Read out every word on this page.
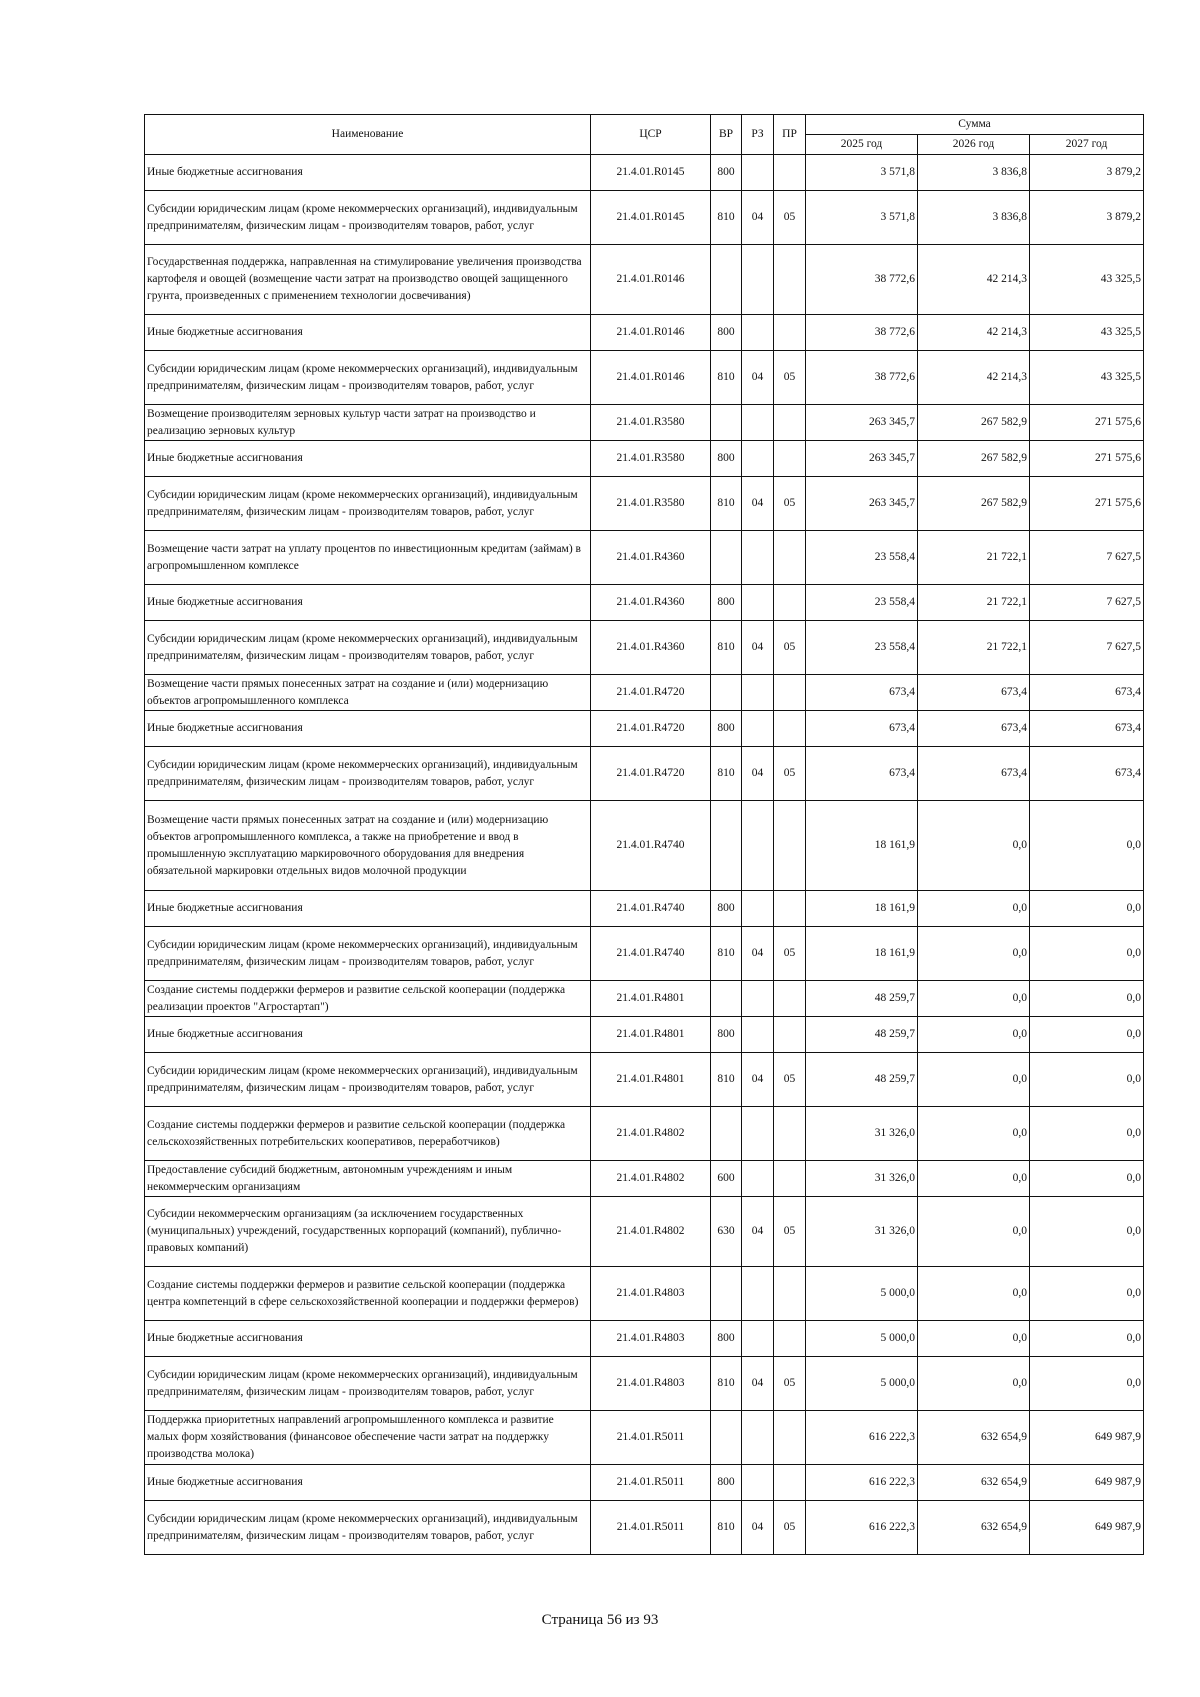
Наименование	ЦСР	ВР	РЗ	ПР	Сумма		
					2025 год	2026 год	2027 год
Иные бюджетные ассигнования	21.4.01.R0145	800			3 571,8	3 836,8	3 879,2
Субсидии юридическим лицам (кроме некоммерческих организаций), индивидуальным предпринимателям, физическим лицам - производителям товаров, работ, услуг	21.4.01.R0145	810	04	05	3 571,8	3 836,8	3 879,2
Государственная поддержка, направленная на стимулирование увеличения производства картофеля и овощей (возмещение части затрат на производство овощей защищенного грунта, произведенных с применением технологии досвечивания)	21.4.01.R0146				38 772,6	42 214,3	43 325,5
Иные бюджетные ассигнования	21.4.01.R0146	800			38 772,6	42 214,3	43 325,5
Субсидии юридическим лицам (кроме некоммерческих организаций), индивидуальным предпринимателям, физическим лицам - производителям товаров, работ, услуг	21.4.01.R0146	810	04	05	38 772,6	42 214,3	43 325,5
Возмещение производителям зерновых культур части затрат на производство и реализацию зерновых культур	21.4.01.R3580				263 345,7	267 582,9	271 575,6
Иные бюджетные ассигнования	21.4.01.R3580	800			263 345,7	267 582,9	271 575,6
Субсидии юридическим лицам (кроме некоммерческих организаций), индивидуальным предпринимателям, физическим лицам - производителям товаров, работ, услуг	21.4.01.R3580	810	04	05	263 345,7	267 582,9	271 575,6
Возмещение части затрат на уплату процентов по инвестиционным кредитам (займам) в агропромышленном комплексе	21.4.01.R4360				23 558,4	21 722,1	7 627,5
Иные бюджетные ассигнования	21.4.01.R4360	800			23 558,4	21 722,1	7 627,5
Субсидии юридическим лицам (кроме некоммерческих организаций), индивидуальным предпринимателям, физическим лицам - производителям товаров, работ, услуг	21.4.01.R4360	810	04	05	23 558,4	21 722,1	7 627,5
Возмещение части прямых понесенных затрат на создание и (или) модернизацию объектов агропромышленного комплекса	21.4.01.R4720				673,4	673,4	673,4
Иные бюджетные ассигнования	21.4.01.R4720	800			673,4	673,4	673,4
Субсидии юридическим лицам (кроме некоммерческих организаций), индивидуальным предпринимателям, физическим лицам - производителям товаров, работ, услуг	21.4.01.R4720	810	04	05	673,4	673,4	673,4
Возмещение части прямых понесенных затрат на создание и (или) модернизацию объектов агропромышленного комплекса, а также на приобретение и ввод в промышленную эксплуатацию маркировочного оборудования для внедрения обязательной маркировки отдельных видов молочной продукции	21.4.01.R4740				18 161,9	0,0	0,0
Иные бюджетные ассигнования	21.4.01.R4740	800			18 161,9	0,0	0,0
Субсидии юридическим лицам (кроме некоммерческих организаций), индивидуальным предпринимателям, физическим лицам - производителям товаров, работ, услуг	21.4.01.R4740	810	04	05	18 161,9	0,0	0,0
Создание системы поддержки фермеров и развитие сельской кооперации (поддержка реализации проектов "Агростартап")	21.4.01.R4801				48 259,7	0,0	0,0
Иные бюджетные ассигнования	21.4.01.R4801	800			48 259,7	0,0	0,0
Субсидии юридическим лицам (кроме некоммерческих организаций), индивидуальным предпринимателям, физическим лицам - производителям товаров, работ, услуг	21.4.01.R4801	810	04	05	48 259,7	0,0	0,0
Создание системы поддержки фермеров и развитие сельской кооперации (поддержка сельскохозяйственных потребительских кооперативов, переработчиков)	21.4.01.R4802				31 326,0	0,0	0,0
Предоставление субсидий бюджетным, автономным учреждениям и иным некоммерческим организациям	21.4.01.R4802	600			31 326,0	0,0	0,0
Субсидии некоммерческим организациям (за исключением государственных (муниципальных) учреждений, государственных корпораций (компаний), публично-правовых компаний)	21.4.01.R4802	630	04	05	31 326,0	0,0	0,0
Создание системы поддержки фермеров и развитие сельской кооперации (поддержка центра компетенций в сфере сельскохозяйственной кооперации и поддержки фермеров)	21.4.01.R4803				5 000,0	0,0	0,0
Иные бюджетные ассигнования	21.4.01.R4803	800			5 000,0	0,0	0,0
Субсидии юридическим лицам (кроме некоммерческих организаций), индивидуальным предпринимателям, физическим лицам - производителям товаров, работ, услуг	21.4.01.R4803	810	04	05	5 000,0	0,0	0,0
Поддержка приоритетных направлений агропромышленного комплекса и развитие малых форм хозяйствования (финансовое обеспечение части затрат на поддержку производства молока)	21.4.01.R5011				616 222,3	632 654,9	649 987,9
Иные бюджетные ассигнования	21.4.01.R5011	800			616 222,3	632 654,9	649 987,9
Субсидии юридическим лицам (кроме некоммерческих организаций), индивидуальным предпринимателям, физическим лицам - производителям товаров, работ, услуг	21.4.01.R5011	810	04	05	616 222,3	632 654,9	649 987,9
Страница 56 из 93
